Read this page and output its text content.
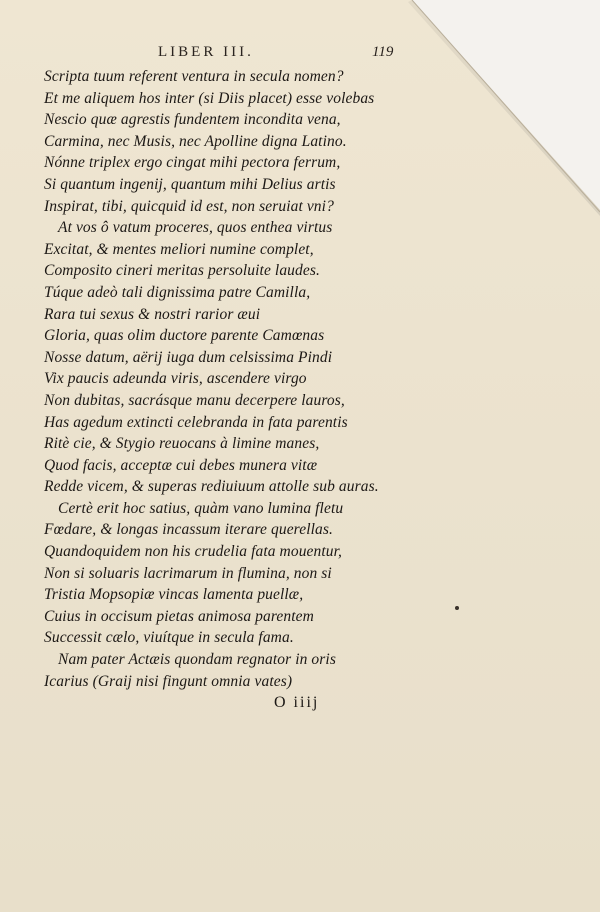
LIBER III.	119
Scripta tuum referent ventura in secula nomen?
Et me aliquem hos inter (si Diis placet) esse volebas
Nescio quæ agrestis fundentem incondita vena,
Carmina, nec Musis, nec Apolline digna Latino.
Nónne triplex ergo cingat mihi pectora ferrum,
Si quantum ingenij, quantum mihi Delius artis
Inspirat, tibi, quicquid id est, non seruiat vni?
At vos ô vatum proceres, quos enthea virtus
Excitat, & mentes meliori numine complet,
Composito cineri meritas persoluite laudes.
Túque adeò tali dignissima patre Camilla,
Rara tui sexus & nostri rarior æui
Gloria, quas olim ductore parente Camœnas
Nosse datum, aërij iuga dum celsissima Pindi
Vix paucis adeunda viris, ascendere virgo
Non dubitas, sacrásque manu decerpere lauros,
Has agedum extincti celebranda in fata parentis
Ritè cie, & Stygio reuocans à limine manes,
Quod facis, acceptæ cui debes munera vitæ
Redde vicem, & superas rediuiuum attolle sub auras.
Certè erit hoc satius, quàm vano lumina fletu
Fœdare, & longas incassum iterare querellas.
Quandoquidem non his crudelia fata mouentur,
Non si soluaris lacrimarum in flumina, non si
Tristia Mopsopiæ vincas lamenta puellæ,
Cuius in occisum pietas animosa parentem
Successit cælo, viuítque in secula fama.
Nam pater Actæis quondam regnator in oris
Icarius (Graij nisi fingunt omnia vates)
O iiij
